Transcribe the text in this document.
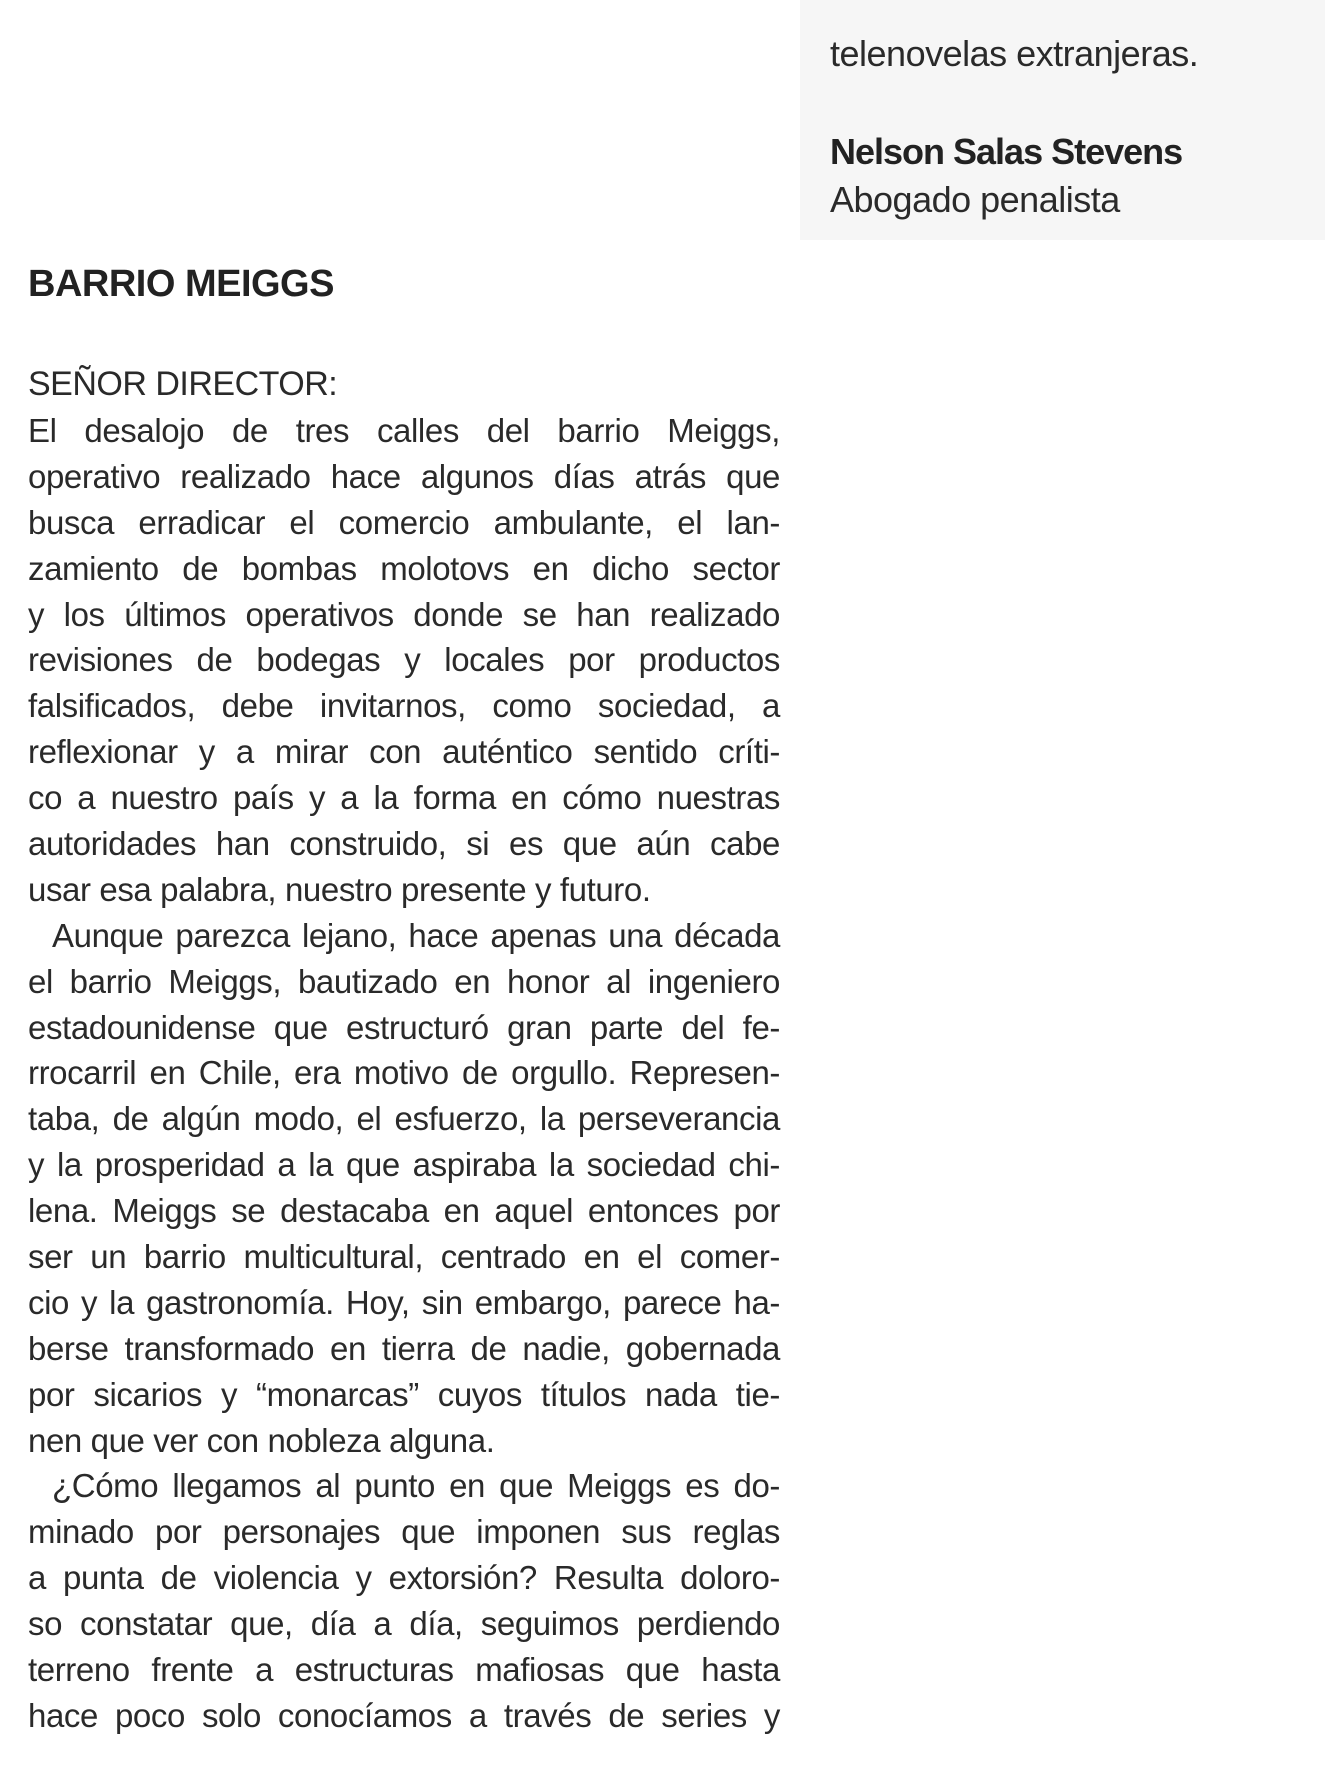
telenovelas extranjeras.
Nelson Salas Stevens
Abogado penalista
BARRIO MEIGGS
SEÑOR DIRECTOR:
El desalojo de tres calles del barrio Meiggs,
operativo realizado hace algunos días atrás que
busca erradicar el comercio ambulante, el lan-
zamiento de bombas molotovs en dicho sector
y los últimos operativos donde se han realizado
revisiones de bodegas y locales por productos
falsificados, debe invitarnos, como sociedad, a
reflexionar y a mirar con auténtico sentido críti-
co a nuestro país y a la forma en cómo nuestras
autoridades han construido, si es que aún cabe
usar esa palabra, nuestro presente y futuro.
Aunque parezca lejano, hace apenas una década
el barrio Meiggs, bautizado en honor al ingeniero
estadounidense que estructuró gran parte del fe-
rrocarril en Chile, era motivo de orgullo. Represen-
taba, de algún modo, el esfuerzo, la perseverancia
y la prosperidad a la que aspiraba la sociedad chi-
lena. Meiggs se destacaba en aquel entonces por
ser un barrio multicultural, centrado en el comer-
cio y la gastronomía. Hoy, sin embargo, parece ha-
berse transformado en tierra de nadie, gobernada
por sicarios y “monarcas” cuyos títulos nada tie-
nen que ver con nobleza alguna.
¿Cómo llegamos al punto en que Meiggs es do-
minado por personajes que imponen sus reglas
a punta de violencia y extorsión? Resulta doloro-
so constatar que, día a día, seguimos perdiendo
terreno frente a estructuras mafiosas que hasta
hace poco solo conocíamos a través de series y
